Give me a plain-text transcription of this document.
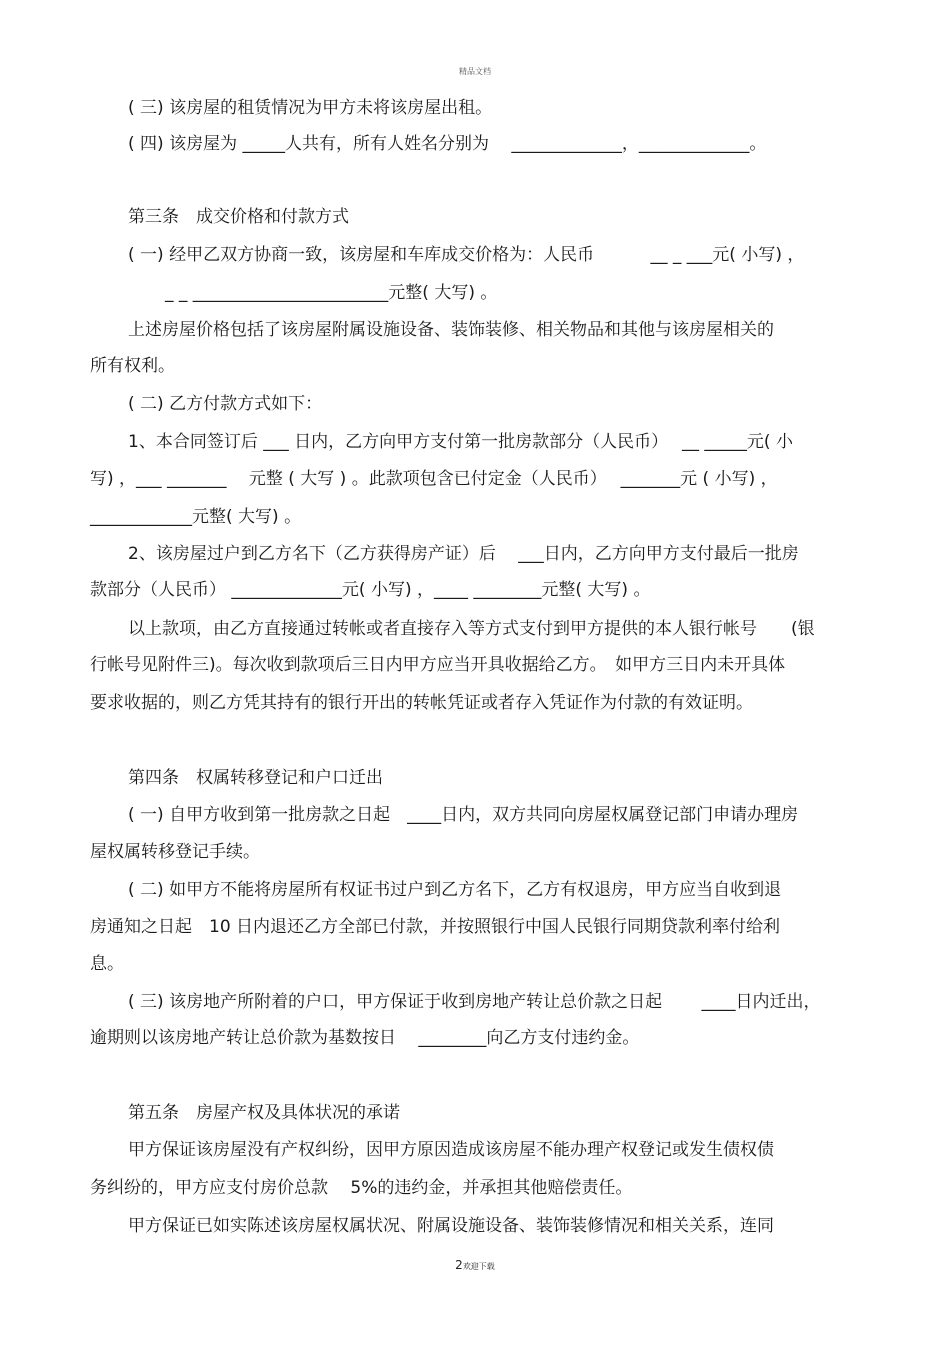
精品文档
( 三) 该房屋的租赁情况为甲方未将该房屋出租。
( 四) 该房屋为 _____人共有，所有人姓名分别为　 _____________，_____________。
第三条　成交价格和付款方式
( 一) 经甲乙双方协商一致，该房屋和车库成交价格为：人民币　　　 __ _ ___元( 小写) ，
_ _ _______________________元整( 大写) 。
上述房屋价格包括了该房屋附属设施设备、装饰装修、相关物品和其他与该房屋相关的
所有权利。
( 二) 乙方付款方式如下：
1、本合同签订后 ___ 日内，乙方向甲方支付第一批房款部分（人民币）　 __ _____元( 小
写) ，___ _______　 元整 ( 大写 ) 。此款项包含已付定金（人民币）　 _______元 ( 小写) ，
____________元整( 大写) 。
2、该房屋过户到乙方名下（乙方获得房产证）后　 ___日内，乙方向甲方支付最后一批房
款部分（人民币） _____________元( 小写) ，____ ________元整( 大写) 。
以上款项，由乙方直接通过转帐或者直接存入等方式支付到甲方提供的本人银行帐号　　(银
行帐号见附件三)。每次收到款项后三日内甲方应当开具收据给乙方。　如甲方三日内未开具体
要求收据的，则乙方凭其持有的银行开出的转帐凭证或者存入凭证作为付款的有效证明。
第四条　权属转移登记和户口迁出
( 一) 自甲方收到第一批房款之日起　____日内，双方共同向房屋权属登记部门申请办理房
屋权属转移登记手续。
( 二) 如甲方不能将房屋所有权证书过户到乙方名下，乙方有权退房，甲方应当自收到退
房通知之日起　10 日内退还乙方全部已付款，并按照银行中国人民银行同期贷款利率付给利
息。
( 三) 该房地产所附着的户口，甲方保证于收到房地产转让总价款之日起　　 ____日内迁出，
逾期则以该房地产转让总价款为基数按日　 ________向乙方支付违约金。
第五条　房屋产权及具体状况的承诺
甲方保证该房屋没有产权纠纷，因甲方原因造成该房屋不能办理产权登记或发生债权债
务纠纷的，甲方应支付房价总款　 5%的违约金，并承担其他赔偿责任。
甲方保证已如实陈述该房屋权属状况、附属设施设备、装饰装修情况和相关关系，连同
2欢迎下载
